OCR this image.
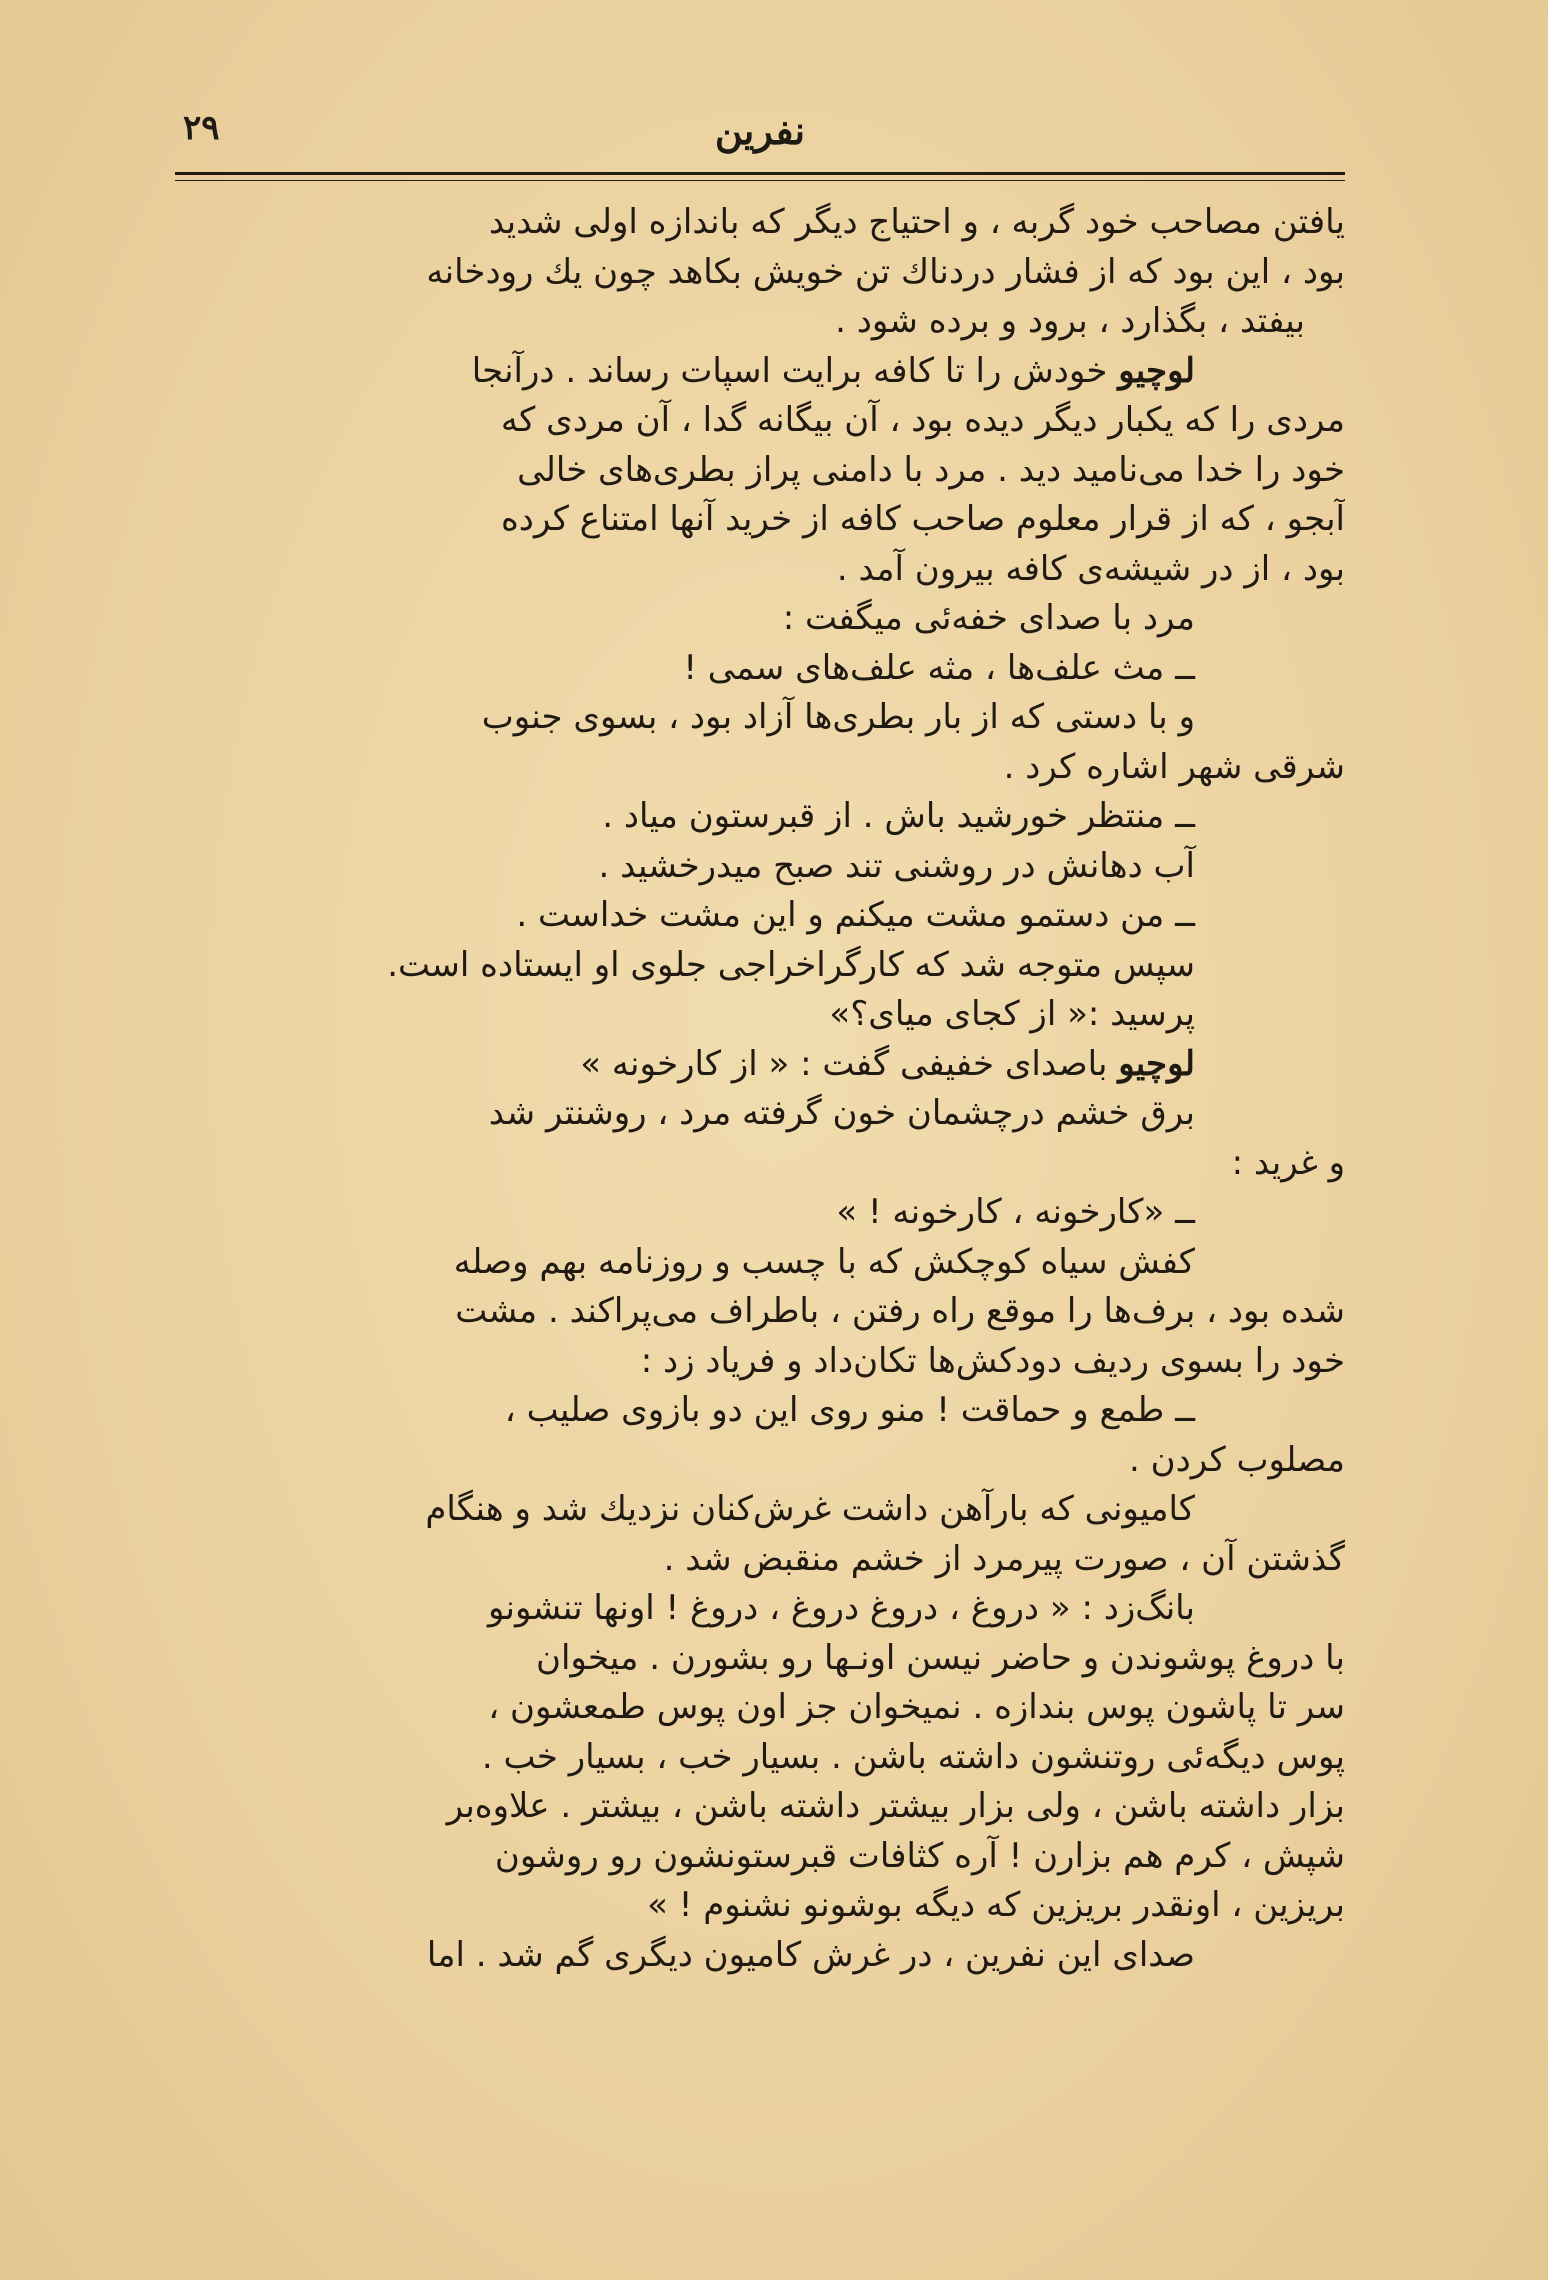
نفرین
۲۹
یافتن مصاحب خود گربه ، و احتیاج دیگر که باندازه اولی شدید
بود ، این بود که از فشار دردناك تن خویش بکاهد چون یك رودخانه
بیفتد ، بگذارد ، برود و برده شود .
لوچیو خودش را تا کافه برایت اسپات رساند . درآنجا
مردی را که یکبار دیگر دیده بود ، آن بیگانه گدا ، آن مردی که
خود را خدا می‌نامید دید . مرد با دامنی پراز بطری‌های خالی
آبجو ، که از قرار معلوم صاحب کافه از خرید آنها امتناع کرده
بود ، از در شیشه‌ی کافه بیرون آمد .
مرد با صدای خفه‌ئی میگفت :
ــ مث علف‌ها ، مثه علف‌های سمی !
و با دستی که از بار بطری‌ها آزاد بود ، بسوی جنوب
شرقی شهر اشاره کرد .
ــ منتظر خورشید باش . از قبرستون میاد .
آب دهانش در روشنی تند صبح میدرخشید .
ــ من دستمو مشت میکنم و این مشت خداست .
سپس متوجه شد که کارگراخراجی جلوی او ایستاده است.
پرسید :« از کجای میای؟»
لوچیو باصدای خفیفی گفت : « از کارخونه »
برق خشم درچشمان خون گرفته مرد ، روشنتر شد
و غرید :
ــ «کارخونه ، کارخونه ! »
کفش سیاه کوچکش که با چسب و روزنامه بهم وصله
شده بود ، برف‌ها را موقع راه رفتن ، باطراف می‌پراکند . مشت
خود را بسوی ردیف دودکش‌ها تکان‌داد و فریاد زد :
ــ طمع و حماقت ! منو روی این دو بازوی صلیب ،
مصلوب کردن .
کامیونی که بارآهن داشت غرش‌کنان نزدیك شد و هنگام
گذشتن آن ، صورت پیرمرد از خشم منقبض شد .
بانگ‌زد : « دروغ ، دروغ دروغ ، دروغ ! اونها تنشونو
با دروغ پوشوندن و حاضر نیسن اونـها رو بشورن . میخوان
سر تا پاشون پوس بندازه . نمیخوان جز اون پوس طمعشون ،
پوس دیگه‌ئی روتنشون داشته باشن . بسیار خب ، بسیار خب .
بزار داشته باشن ، ولی بزار بیشتر داشته باشن ، بیشتر . علاوه‌بر
شپش ، کرم هم بزارن ! آره کثافات قبرستونشون رو روشون
بریزین ، اونقدر بریزین که دیگه بوشونو نشنوم ! »
صدای این نفرین ، در غرش کامیون دیگری گم شد . اما
